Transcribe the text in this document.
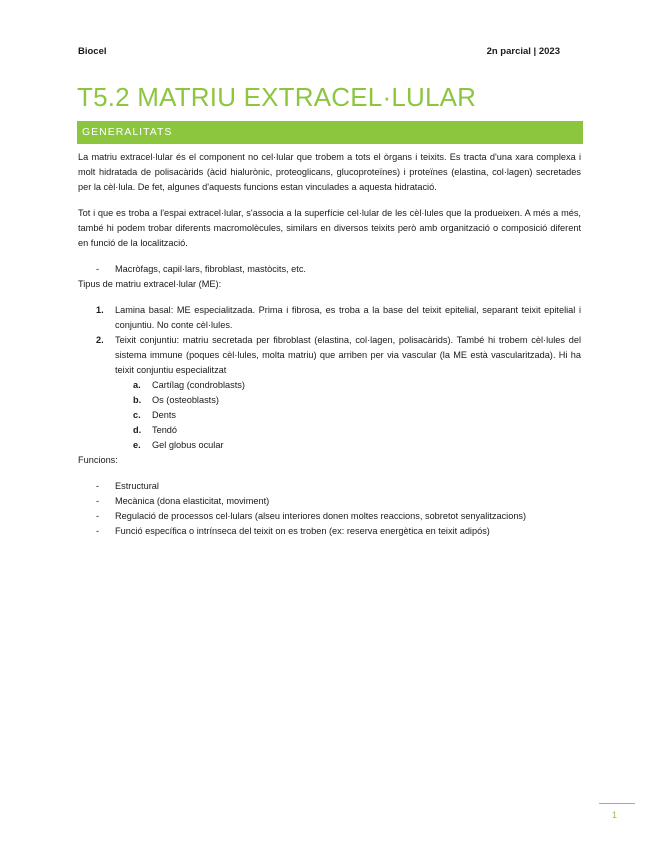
Biocel	2n parcial | 2023
T5.2 MATRIU EXTRACEL·LULAR
GENERALITATS

La matriu extracel·lular és el component no cel·lular que trobem a tots el òrgans i teixits. Es tracta d'una xara complexa i molt hidratada de polisacàrids (àcid hialurònic, proteoglicans, glucoproteïnes) i proteïnes (elastina, col·lagen) secretades per la cèl·lula. De fet, algunes d'aquests funcions estan vinculades a aquesta hidratació.

Tot i que es troba a l'espai extracel·lular, s'associa a la superfície cel·lular de les cèl·lules que la produeixen. A més a més, també hi podem trobar diferents macromolècules, similars en diversos teixits però amb organització o composició diferent en funció de la localització.

- Macròfags, capil·lars, fibroblast, mastòcits, etc.
Tipus de matriu extracel·lular (ME):
1. Lamina basal: ME especialitzada. Prima i fibrosa, es troba a la base del teixit epitelial, separant teixit epitelial i conjuntiu. No conte cèl·lules.
2. Teixit conjuntiu: matriu secretada per fibroblast (elastina, col·lagen, polisacàrids). També hi trobem cèl·lules del sistema immune (poques cèl·lules, molta matriu) que arriben per via vascular (la ME està vascularitzada). Hi ha teixit conjuntiu especialitzat
a. Cartílag (condroblasts)
b. Os (osteoblasts)
c. Dents
d. Tendó
e. Gel globus ocular
Funcions:
- Estructural
- Mecànica (dona elasticitat, moviment)
- Regulació de processos cel·lulars (alseu interiores donen moltes reaccions, sobretot senyalitzacions)
- Funció específica o intrínseca del teixit on es troben (ex: reserva energètica en teixit adipós)
1
